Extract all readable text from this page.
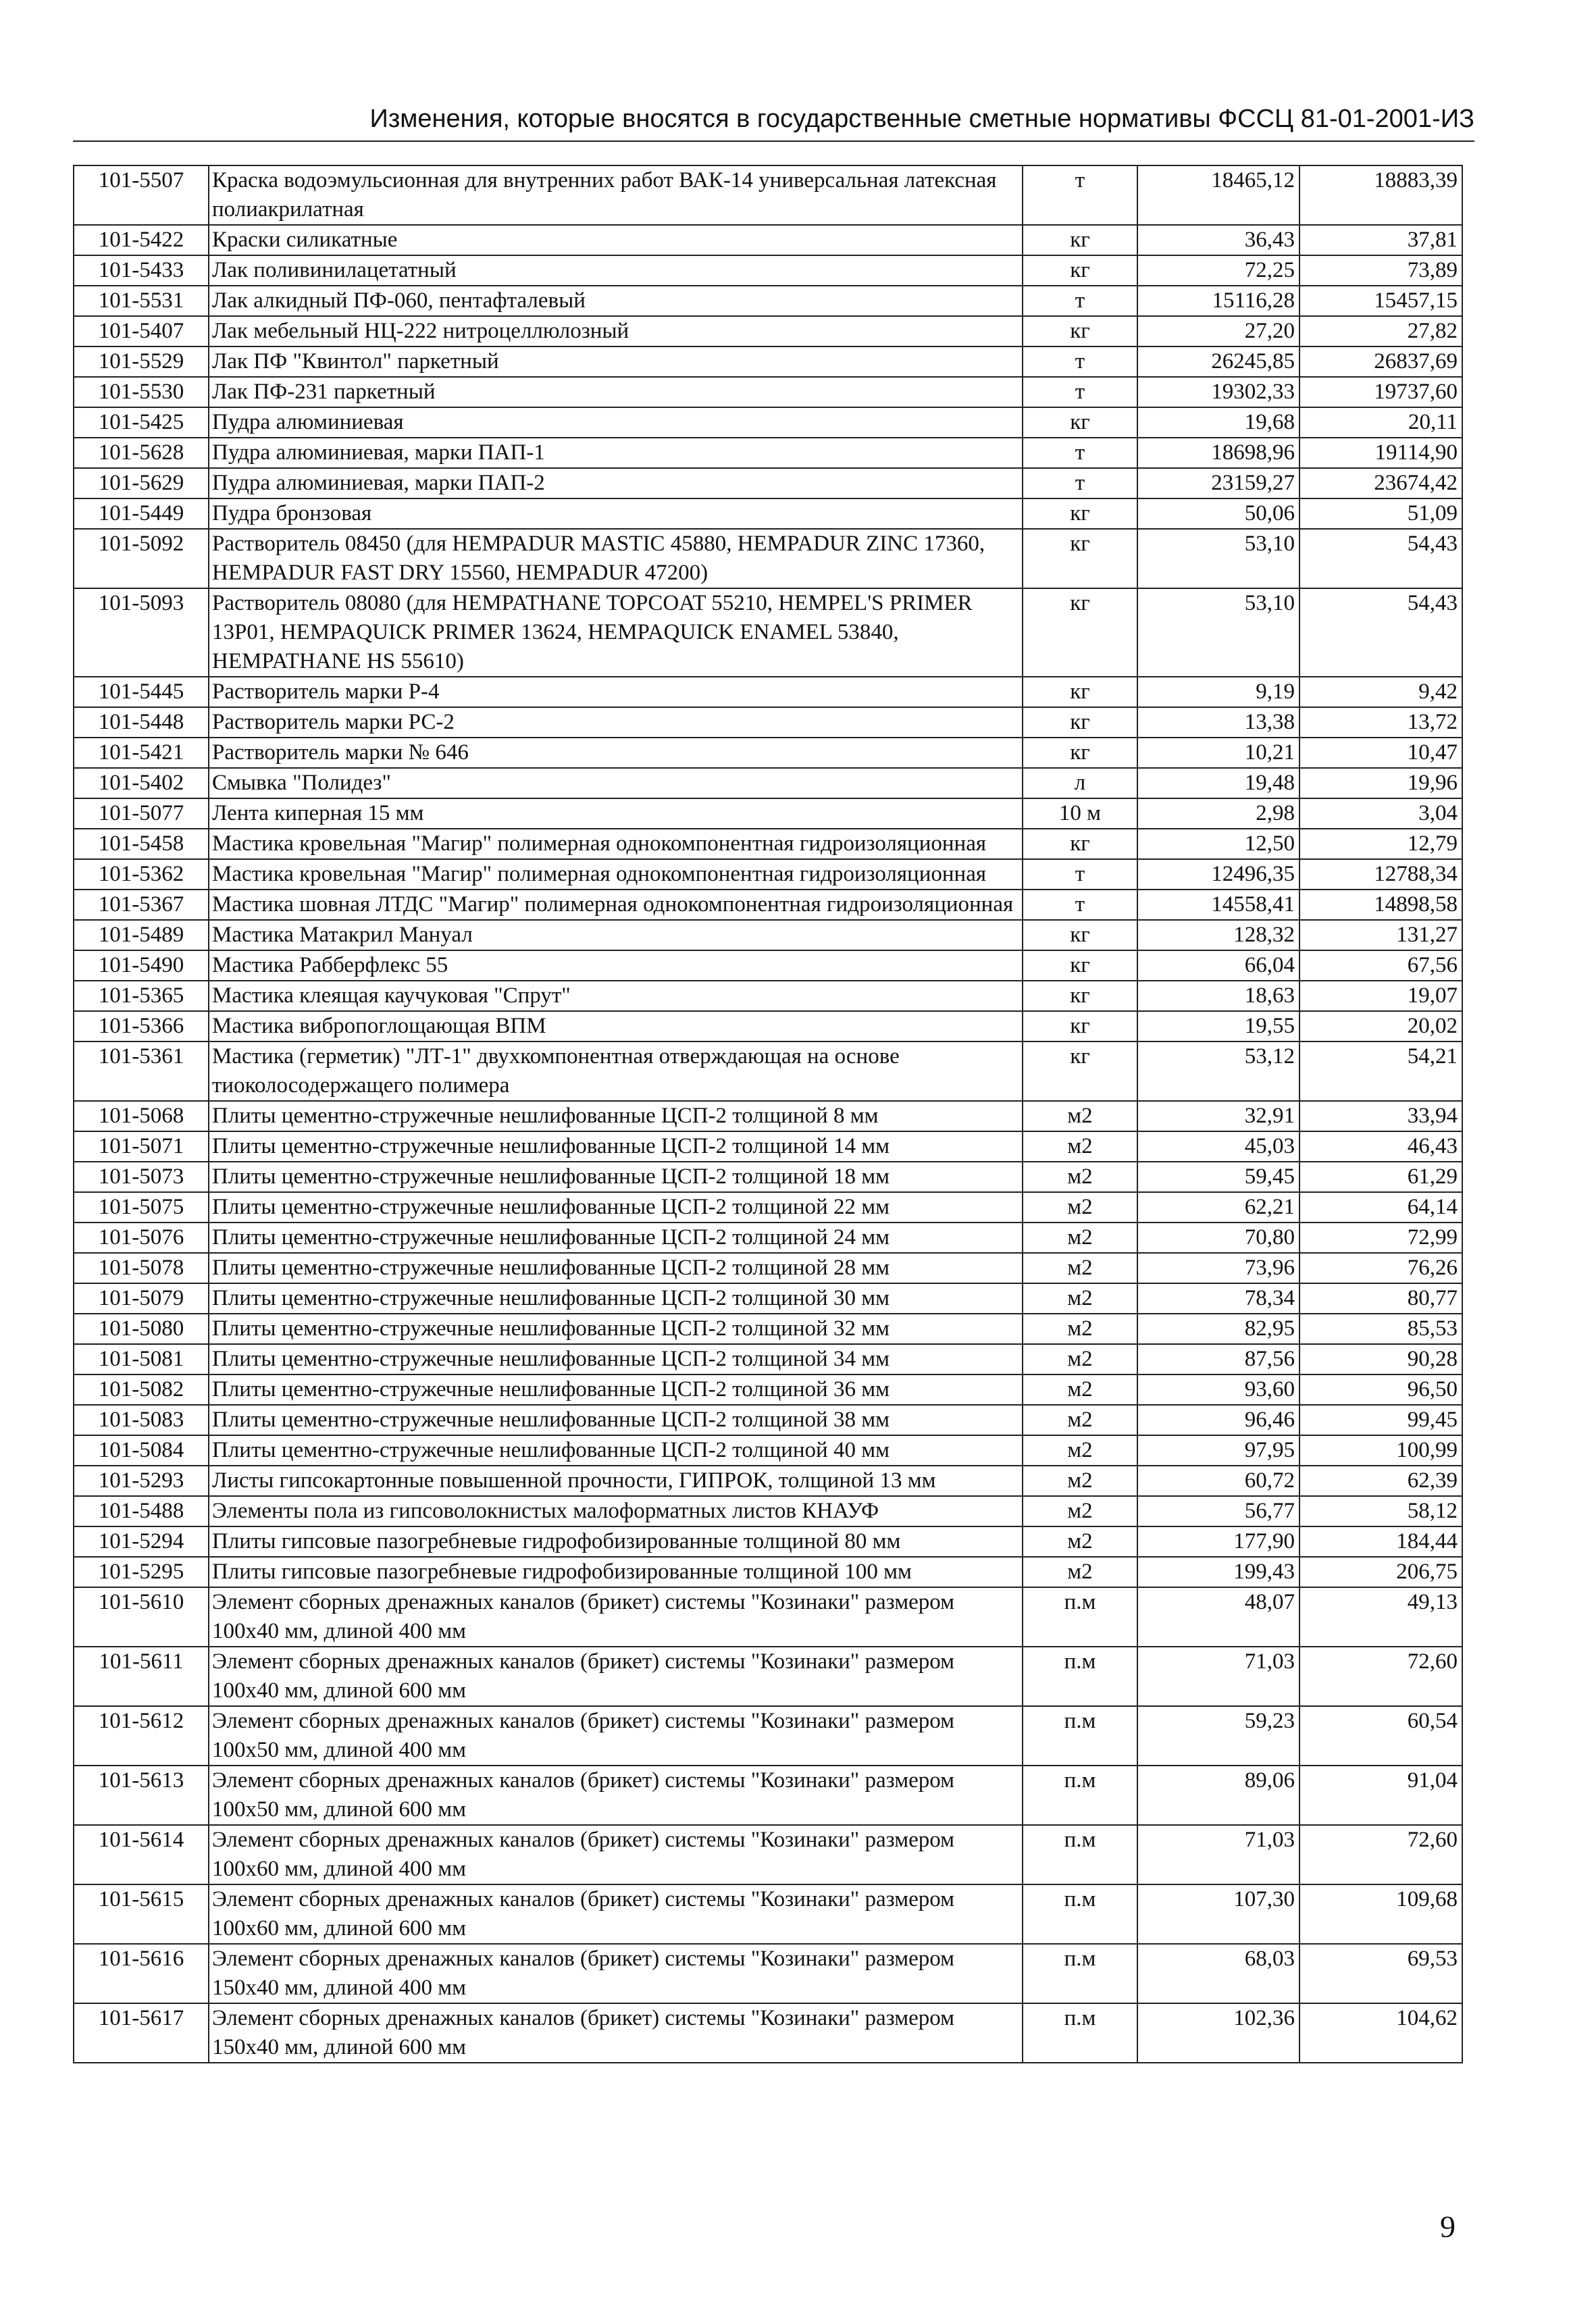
Изменения, которые вносятся в государственные сметные нормативы ФССЦ 81-01-2001-ИЗ
101-5507	Краска водоэмульсионная для внутренних работ ВАК-14 универсальная латексная полиакрилатная	т	18465,12	18883,39
101-5422	Краски силикатные	кг	36,43	37,81
101-5433	Лак поливинилацетатный	кг	72,25	73,89
101-5531	Лак алкидный ПФ-060, пентафталевый	т	15116,28	15457,15
101-5407	Лак мебельный НЦ-222 нитроцеллюлозный	кг	27,20	27,82
101-5529	Лак ПФ "Квинтол" паркетный	т	26245,85	26837,69
101-5530	Лак ПФ-231 паркетный	т	19302,33	19737,60
101-5425	Пудра алюминиевая	кг	19,68	20,11
101-5628	Пудра алюминиевая, марки ПАП-1	т	18698,96	19114,90
101-5629	Пудра алюминиевая, марки ПАП-2	т	23159,27	23674,42
101-5449	Пудра бронзовая	кг	50,06	51,09
101-5092	Растворитель 08450 (для HEMPADUR MASTIC 45880, HEMPADUR ZINC 17360, HEMPADUR FAST DRY 15560, HEMPADUR 47200)	кг	53,10	54,43
101-5093	Растворитель 08080 (для HEMPATHANE TOPCOAT 55210, HEMPEL'S PRIMER 13P01, HEMPAQUICK PRIMER 13624, HEMPAQUICK ENAMEL 53840, HEMPATHANE HS 55610)	кг	53,10	54,43
101-5445	Растворитель марки Р-4	кг	9,19	9,42
101-5448	Растворитель марки РС-2	кг	13,38	13,72
101-5421	Растворитель марки № 646	кг	10,21	10,47
101-5402	Смывка "Полидез"	л	19,48	19,96
101-5077	Лента киперная 15 мм	10 м	2,98	3,04
101-5458	Мастика кровельная "Магир" полимерная однокомпонентная гидроизоляционная	кг	12,50	12,79
101-5362	Мастика кровельная "Магир" полимерная однокомпонентная гидроизоляционная	т	12496,35	12788,34
101-5367	Мастика шовная ЛТДС "Магир" полимерная однокомпонентная гидроизоляционная	т	14558,41	14898,58
101-5489	Мастика Матакрил Мануал	кг	128,32	131,27
101-5490	Мастика Рабберфлекс 55	кг	66,04	67,56
101-5365	Мастика клеящая каучуковая "Спрут"	кг	18,63	19,07
101-5366	Мастика вибропоглощающая ВПМ	кг	19,55	20,02
101-5361	Мастика (герметик) "ЛТ-1" двухкомпонентная отверждающая на основе тиоколосодержащего полимера	кг	53,12	54,21
101-5068	Плиты цементно-стружечные нешлифованные ЦСП-2 толщиной 8 мм	м2	32,91	33,94
101-5071	Плиты цементно-стружечные нешлифованные ЦСП-2 толщиной 14 мм	м2	45,03	46,43
101-5073	Плиты цементно-стружечные нешлифованные ЦСП-2 толщиной 18 мм	м2	59,45	61,29
101-5075	Плиты цементно-стружечные нешлифованные ЦСП-2 толщиной 22 мм	м2	62,21	64,14
101-5076	Плиты цементно-стружечные нешлифованные ЦСП-2 толщиной 24 мм	м2	70,80	72,99
101-5078	Плиты цементно-стружечные нешлифованные ЦСП-2 толщиной 28 мм	м2	73,96	76,26
101-5079	Плиты цементно-стружечные нешлифованные ЦСП-2 толщиной 30 мм	м2	78,34	80,77
101-5080	Плиты цементно-стружечные нешлифованные ЦСП-2 толщиной 32 мм	м2	82,95	85,53
101-5081	Плиты цементно-стружечные нешлифованные ЦСП-2 толщиной 34 мм	м2	87,56	90,28
101-5082	Плиты цементно-стружечные нешлифованные ЦСП-2 толщиной 36 мм	м2	93,60	96,50
101-5083	Плиты цементно-стружечные нешлифованные ЦСП-2 толщиной 38 мм	м2	96,46	99,45
101-5084	Плиты цементно-стружечные нешлифованные ЦСП-2 толщиной 40 мм	м2	97,95	100,99
101-5293	Листы гипсокартонные повышенной прочности, ГИПРОК, толщиной 13 мм	м2	60,72	62,39
101-5488	Элементы пола из гипсоволокнистых малоформатных листов КНАУФ	м2	56,77	58,12
101-5294	Плиты гипсовые пазогребневые гидрофобизированные толщиной 80 мм	м2	177,90	184,44
101-5295	Плиты гипсовые пазогребневые гидрофобизированные толщиной 100 мм	м2	199,43	206,75
101-5610	Элемент сборных дренажных каналов (брикет) системы "Козинаки" размером 100х40 мм, длиной 400 мм	п.м	48,07	49,13
101-5611	Элемент сборных дренажных каналов (брикет) системы "Козинаки" размером 100х40 мм, длиной 600 мм	п.м	71,03	72,60
101-5612	Элемент сборных дренажных каналов (брикет) системы "Козинаки" размером 100х50 мм, длиной 400 мм	п.м	59,23	60,54
101-5613	Элемент сборных дренажных каналов (брикет) системы "Козинаки" размером 100х50 мм, длиной 600 мм	п.м	89,06	91,04
101-5614	Элемент сборных дренажных каналов (брикет) системы "Козинаки" размером 100х60 мм, длиной 400 мм	п.м	71,03	72,60
101-5615	Элемент сборных дренажных каналов (брикет) системы "Козинаки" размером 100х60 мм, длиной 600 мм	п.м	107,30	109,68
101-5616	Элемент сборных дренажных каналов (брикет) системы "Козинаки" размером 150х40 мм, длиной 400 мм	п.м	68,03	69,53
101-5617	Элемент сборных дренажных каналов (брикет) системы "Козинаки" размером 150х40 мм, длиной 600 мм	п.м	102,36	104,62
9
